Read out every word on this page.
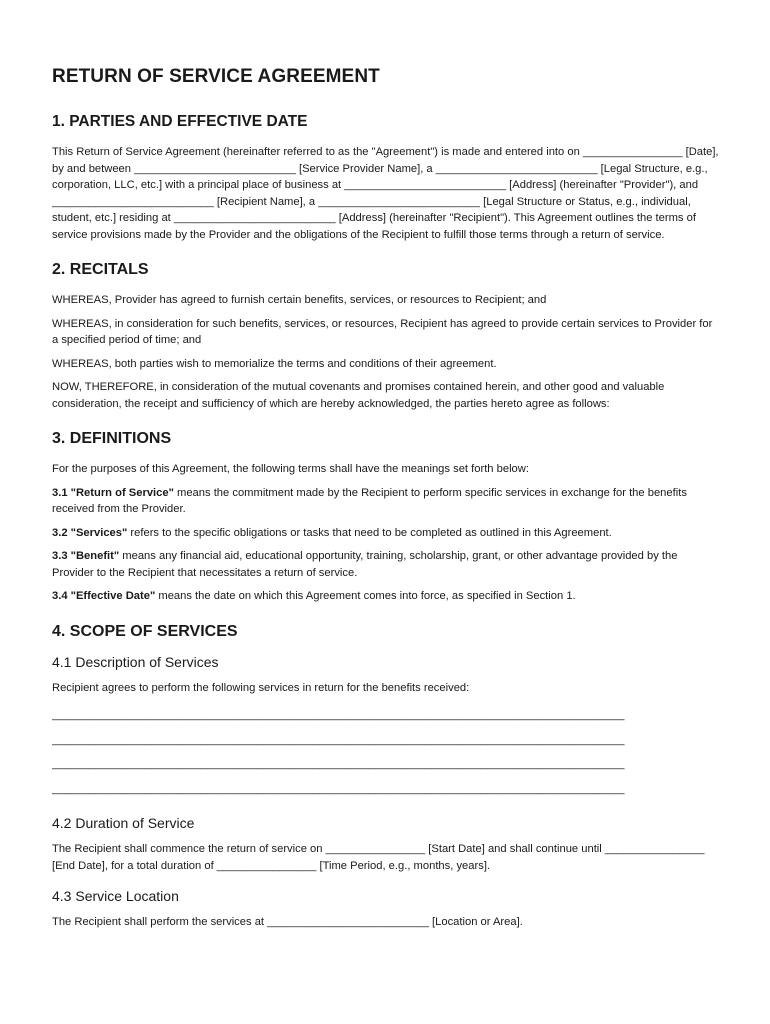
RETURN OF SERVICE AGREEMENT
1. PARTIES AND EFFECTIVE DATE

This Return of Service Agreement (hereinafter referred to as the "Agreement") is made and entered into on ________________ [Date], by and between __________________________ [Service Provider Name], a __________________________ [Legal Structure, e.g., corporation, LLC, etc.] with a principal place of business at __________________________ [Address] (hereinafter "Provider"), and __________________________ [Recipient Name], a __________________________ [Legal Structure or Status, e.g., individual, student, etc.] residing at __________________________ [Address] (hereinafter "Recipient"). This Agreement outlines the terms of service provisions made by the Provider and the obligations of the Recipient to fulfill those terms through a return of service.

2. RECITALS

WHEREAS, Provider has agreed to furnish certain benefits, services, or resources to Recipient; and

WHEREAS, in consideration for such benefits, services, or resources, Recipient has agreed to provide certain services to Provider for a specified period of time; and

WHEREAS, both parties wish to memorialize the terms and conditions of their agreement.

NOW, THEREFORE, in consideration of the mutual covenants and promises contained herein, and other good and valuable consideration, the receipt and sufficiency of which are hereby acknowledged, the parties hereto agree as follows:

3. DEFINITIONS

For the purposes of this Agreement, the following terms shall have the meanings set forth below:

3.1 "Return of Service" means the commitment made by the Recipient to perform specific services in exchange for the benefits received from the Provider.

3.2 "Services" refers to the specific obligations or tasks that need to be completed as outlined in this Agreement.

3.3 "Benefit" means any financial aid, educational opportunity, training, scholarship, grant, or other advantage provided by the Provider to the Recipient that necessitates a return of service.

3.4 "Effective Date" means the date on which this Agreement comes into force, as specified in Section 1.

4. SCOPE OF SERVICES
4.1 Description of Services

Recipient agrees to perform the following services in return for the benefits received:

____________________________________________________________________________________________
____________________________________________________________________________________________
____________________________________________________________________________________________
____________________________________________________________________________________________
4.2 Duration of Service

The Recipient shall commence the return of service on ________________ [Start Date] and shall continue until ________________ [End Date], for a total duration of ________________ [Time Period, e.g., months, years].

4.3 Service Location

The Recipient shall perform the services at __________________________ [Location or Area].
